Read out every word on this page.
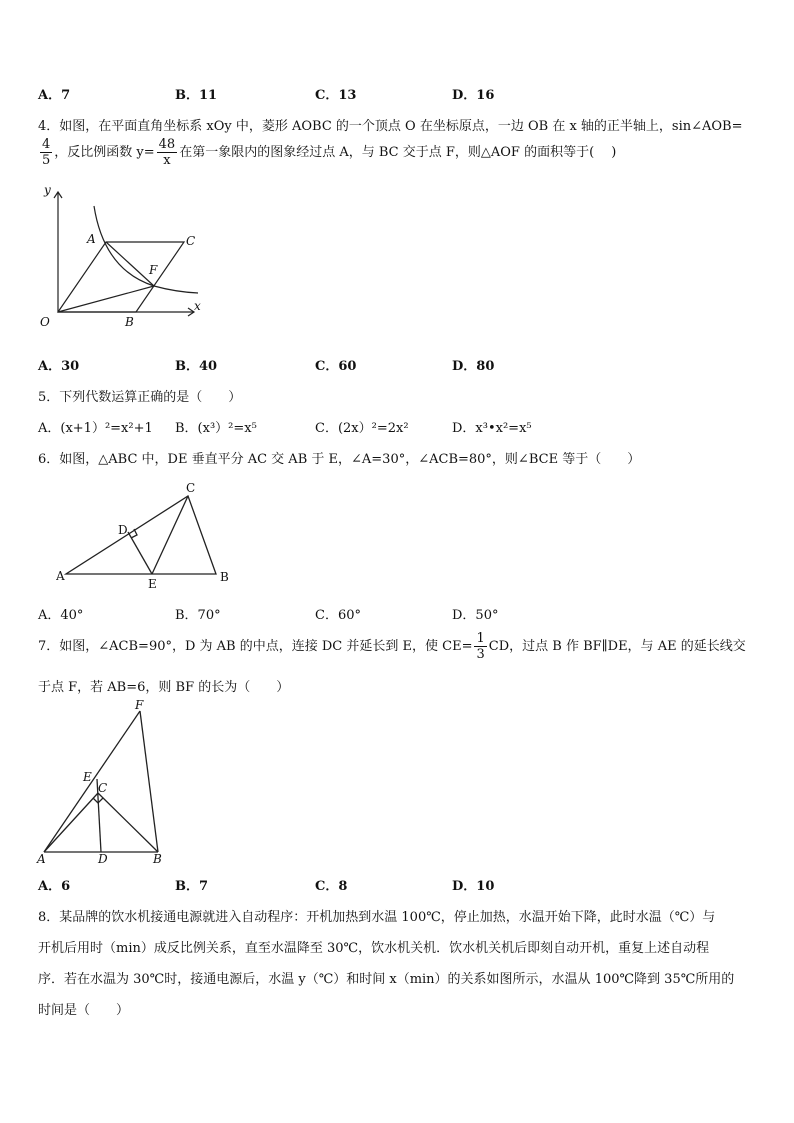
A．7	B．11	C．13	D．16
4．如图，在平面直角坐标系 xOy 中，菱形 AOBC 的一个顶点 O 在坐标原点，一边 OB 在 x 轴的正半轴上，sin∠AOB=
$\frac{4}{5}$ ，反比例函数 $y= \frac{48}{x}$ 在第一象限内的图象经过点 A，与 BC 交于点 F，则△AOF 的面积等于(　 )
y
x
O
A
B
C
F
A．30	B．40	C．60	D．80
5．下列代数运算正确的是（　　）
A．(x+1）²=x²+1 B．(x³）²=x⁵	C．(2x）²=2x²	D．x³•x²=x⁵
6．如图，△ABC 中，DE 垂直平分 AC 交 AB 于 E，∠A=30°，∠ACB=80°，则∠BCE 等于（　　）
A	B
C
D
E
A．40°	B．70°	C．60°	D．50°
7．如图，∠ACB=90°，D 为 AB 的中点，连接 DC 并延长到 E，使 $CE= \frac{1}{3}$ CD，过点 B 作 BF∥DE，与 AE 的延长线交
于点 F，若 AB=6，则 BF 的长为（　　）
A	B
C
D
E
F
A．6	B．7	C．8	D．10
8．某品牌的饮水机接通电源就进入自动程序：开机加热到水温 100℃，停止加热，水温开始下降，此时水温（℃）与
开机后用时（min）成反比例关系，直至水温降至 30℃，饮水机关机．饮水机关机后即刻自动开机，重复上述自动程
序．若在水温为 30℃时，接通电源后，水温 y（℃）和时间 x（min）的关系如图所示，水温从 100℃降到 35℃所用的
时间是（　　）
